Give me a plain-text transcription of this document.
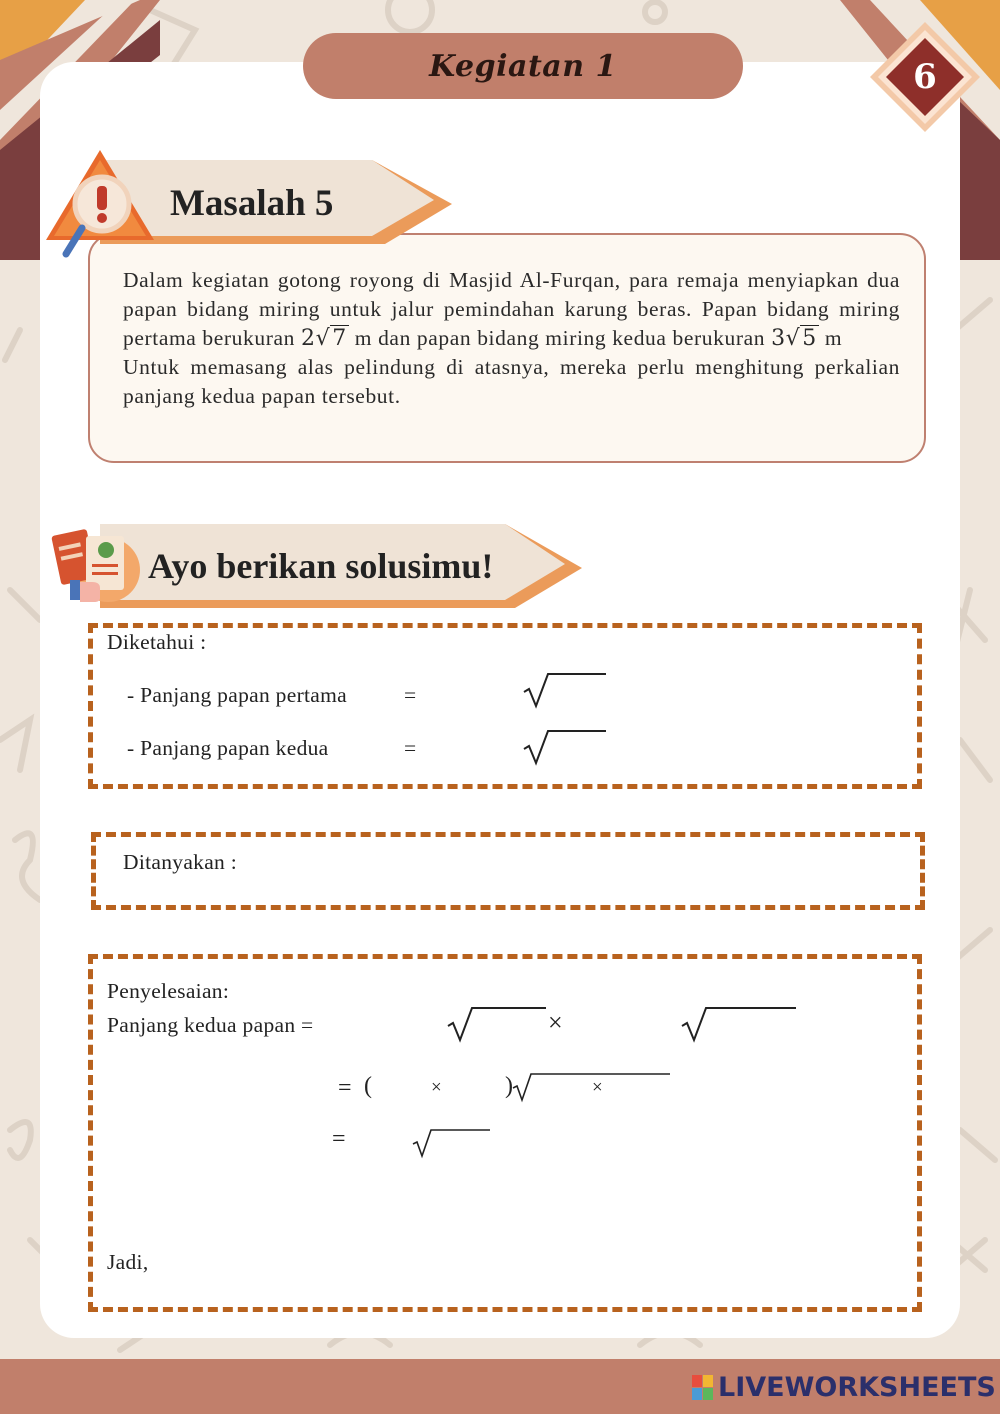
Kegiatan 1	6
Masalah 5

Dalam kegiatan gotong royong di Masjid Al-Furqan, para remaja menyiapkan dua papan bidang miring untuk jalur pemindahan karung beras. Papan bidang miring pertama berukuran 2√7 m dan papan bidang miring kedua berukuran 3√5 m

Untuk memasang alas pelindung di atasnya, mereka perlu menghitung perkalian panjang kedua papan tersebut.

Ayo berikan solusimu!
Diketahui :
- Panjang papan pertama	=
- Panjang papan kedua	=
Ditanyakan :
Penyelesaian:
Panjang kedua papan =	×
= (	×	)	×
=
Jadi,
LIVEWORKSHEETS
